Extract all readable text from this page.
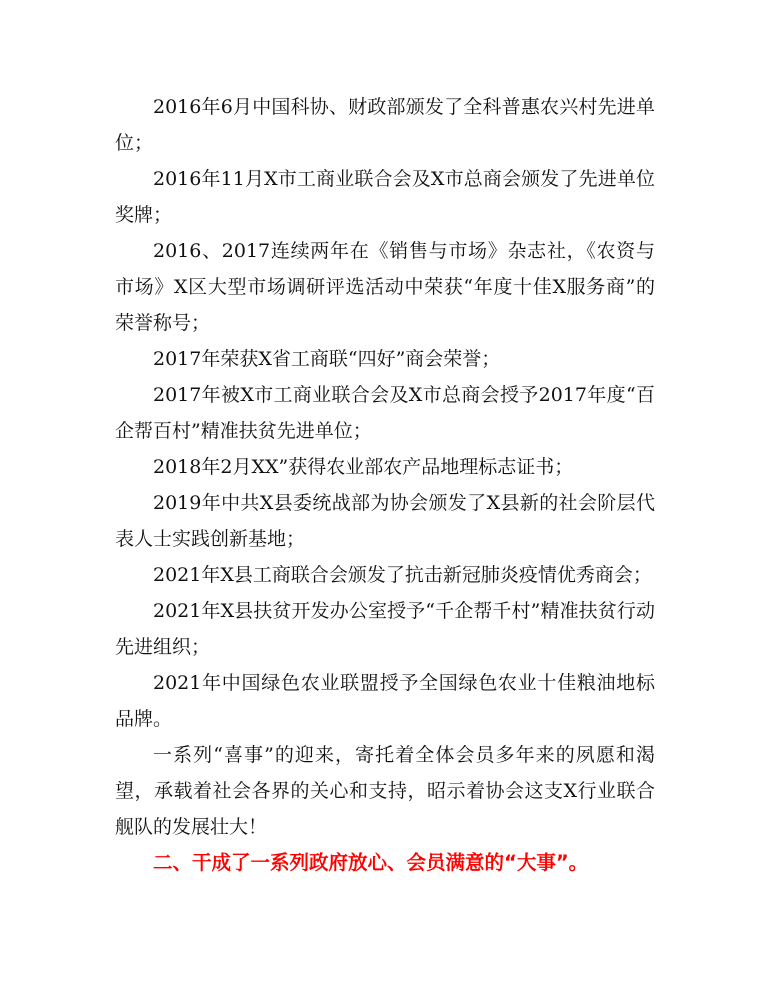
2016年6月中国科协、财政部颁发了全科普惠农兴村先进单位；

2016年11月X市工商业联合会及X市总商会颁发了先进单位奖牌；

2016、2017连续两年在《销售与市场》杂志社，《农资与市场》X区大型市场调研评选活动中荣获“年度十佳X服务商”的荣誉称号；

2017年荣获X省工商联“四好”商会荣誉；

2017年被X市工商业联合会及X市总商会授予2017年度“百企帮百村”精准扶贫先进单位；

2018年2月XX”获得农业部农产品地理标志证书；

2019年中共X县委统战部为协会颁发了X县新的社会阶层代表人士实践创新基地；

2021年X县工商联合会颁发了抗击新冠肺炎疫情优秀商会；

2021年X县扶贫开发办公室授予“千企帮千村”精准扶贫行动先进组织；

2021年中国绿色农业联盟授予全国绿色农业十佳粮油地标品牌。

一系列“喜事”的迎来，寄托着全体会员多年来的夙愿和渴望，承载着社会各界的关心和支持，昭示着协会这支X行业联合舰队的发展壮大！

二、干成了一系列政府放心、会员满意的“大事”。
